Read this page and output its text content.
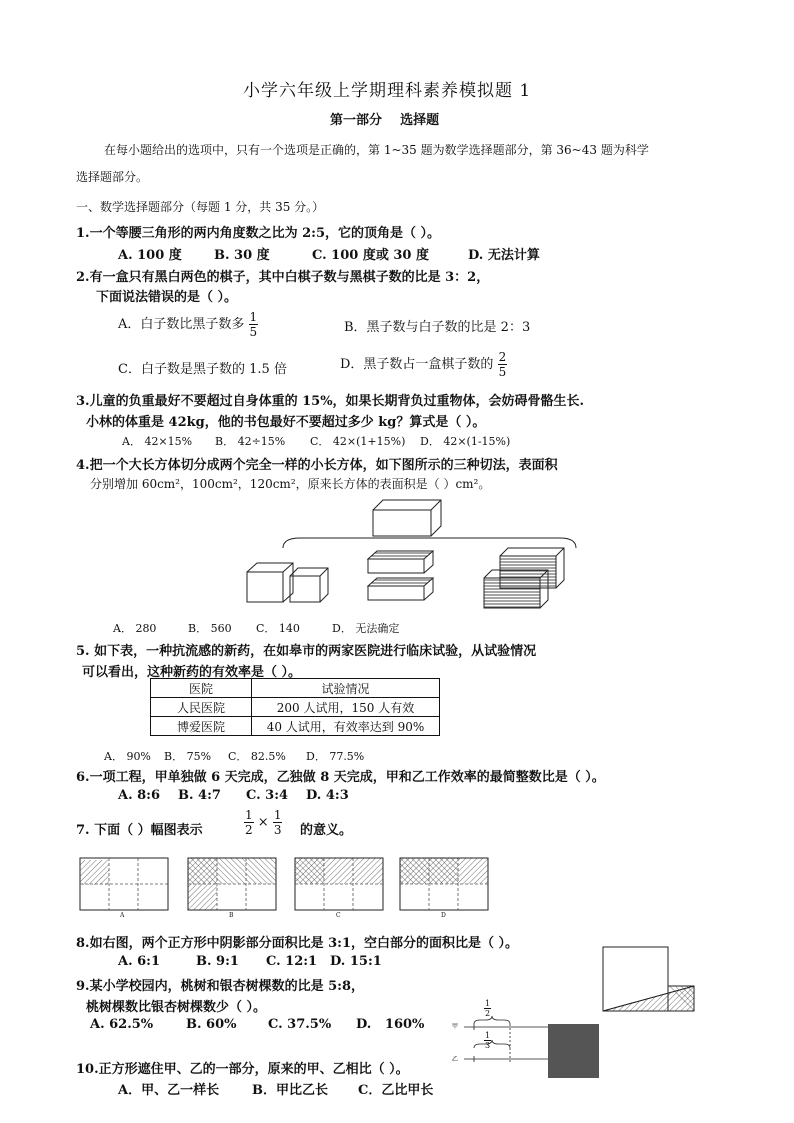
小学六年级上学期理科素养模拟题 1
第一部分    选择题
在每小题给出的选项中，只有一个选项是正确的，第 1~35 题为数学选择题部分，第 36~43 题为科学
选择题部分。
一、数学选择题部分（每题 1 分，共 35 分。）
1.一个等腰三角形的两内角度数之比为 2:5，它的顶角是（ ）。
A. 100 度 B. 30 度	C. 100 度或 30 度	D. 无法计算
2.有一盒只有黑白两色的棋子，其中白棋子数与黑棋子数的比是 3：2，
下面说法错误的是（ ）。
A．白子数比黑子数多 $\frac{1}{5}$	B．黑子数与白子数的比是 2：3
C．白子数是黑子数的 1.5 倍	D．黑子数占一盒棋子数的 $\frac{2}{5}$
3.儿童的负重最好不要超过自身体重的 15%，如果长期背负过重物体，会妨碍骨骼生长.
小林的体重是 42kg，他的书包最好不要超过多少 kg？算式是（ ）。
A． 42×15% B． 42÷15% C． 42×(1+15%) D． 42×(1-15%)
4.把一个大长方体切分成两个完全一样的小长方体，如下图所示的三种切法，表面积
分别增加 60cm²，100cm²，120cm²，原来长方体的表面积是（ ）cm²。
A． 280	B． 560 C． 140	D． 无法确定
5. 如下表，一种抗流感的新药，在如皋市的两家医院进行临床试验，从试验情况
可以看出，这种新药的有效率是（ ）。
医院	试验情况
人民医院	200 人试用，150 人有效
博爱医院	40 人试用，有效率达到 90%
A． 90% B． 75% C． 82.5% D． 77.5%
6.一项工程，甲单独做 6 天完成，乙独做 8 天完成，甲和乙工作效率的最简整数比是（ ）。
A. 8:6 B. 4:7 C. 3:4 D. 4:3
7. 下面（ ）幅图表示	$\frac{1}{2} \times \frac{1}{3}$ 的意义。
A	B	C	D
8.如右图，两个正方形中阴影部分面积比是 3:1，空白部分的面积比是（ ）。
A. 6:1	B. 9:1 C. 12:1 D. 15:1
9.某小学校园内，桃树和银杏树棵数的比是 5:8，
桃树棵数比银杏树棵数少（ ）。
A. 62.5%	B. 60% C. 37.5% D.   160%
$\frac{1}{2}$
$\frac{1}{3}$
甲
乙
10.正方形遮住甲、乙的一部分，原来的甲、乙相比（ ）。
A．甲、乙一样长	B．甲比乙长 C．乙比甲长
